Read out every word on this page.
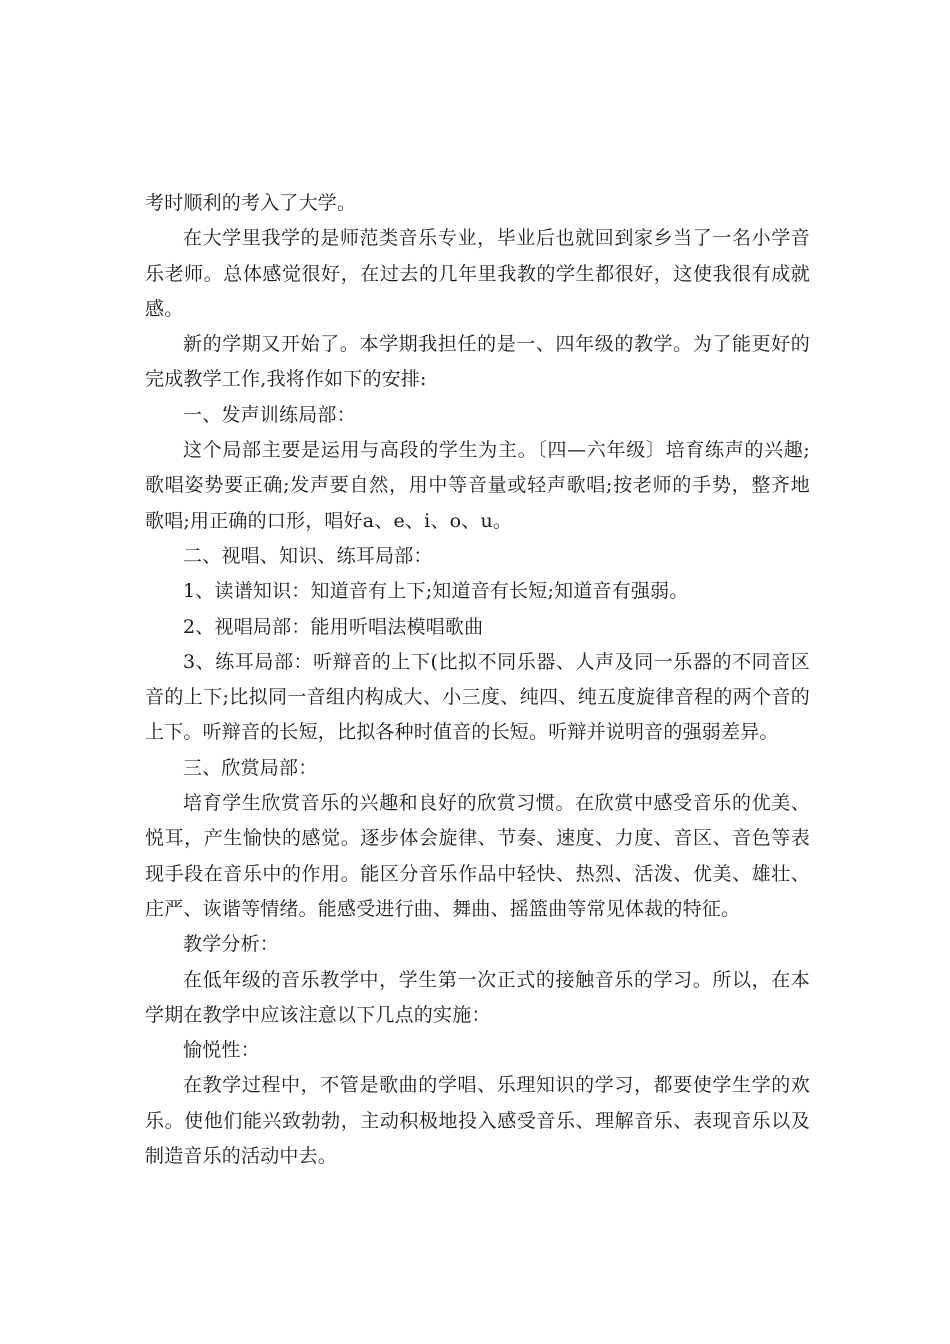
考时顺利的考入了大学。

在大学里我学的是师范类音乐专业，毕业后也就回到家乡当了一名小学音乐老师。总体感觉很好，在过去的几年里我教的学生都很好，这使我很有成就感。

新的学期又开始了。本学期我担任的是一、四年级的教学。为了能更好的完成教学工作,我将作如下的安排:

一、发声训练局部：

这个局部主要是运用与高段的学生为主。〔四—六年级〕培育练声的兴趣;歌唱姿势要正确;发声要自然，用中等音量或轻声歌唱;按老师的手势，整齐地歌唱;用正确的口形，唱好a、e、i、o、u。

二、视唱、知识、练耳局部：

1、读谱知识：知道音有上下;知道音有长短;知道音有强弱。

2、视唱局部：能用听唱法模唱歌曲

3、练耳局部：听辩音的上下(比拟不同乐器、人声及同一乐器的不同音区音的上下;比拟同一音组内构成大、小三度、纯四、纯五度旋律音程的两个音的上下。听辩音的长短，比拟各种时值音的长短。听辩并说明音的强弱差异。

三、欣赏局部：

培育学生欣赏音乐的兴趣和良好的欣赏习惯。在欣赏中感受音乐的优美、悦耳，产生愉快的感觉。逐步体会旋律、节奏、速度、力度、音区、音色等表现手段在音乐中的作用。能区分音乐作品中轻快、热烈、活泼、优美、雄壮、庄严、诙谐等情绪。能感受进行曲、舞曲、摇篮曲等常见体裁的特征。

教学分析：

在低年级的音乐教学中，学生第一次正式的接触音乐的学习。所以，在本学期在教学中应该注意以下几点的实施：

愉悦性：

在教学过程中，不管是歌曲的学唱、乐理知识的学习，都要使学生学的欢乐。使他们能兴致勃勃，主动积极地投入感受音乐、理解音乐、表现音乐以及制造音乐的活动中去。
